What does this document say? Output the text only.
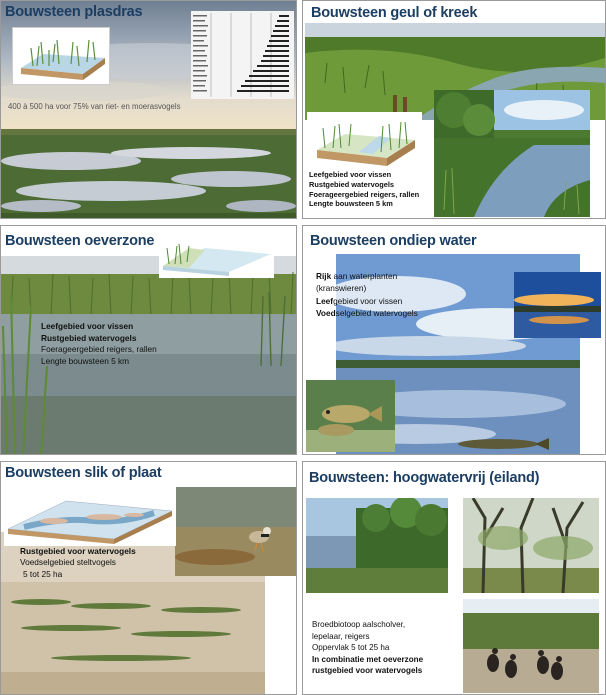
Bouwsteen plasdras
400 à 500 ha voor 75% van riet- en moerasvogels
Bouwsteen geul of kreek
Leefgebied voor vissen
Rustgebied watervogels
Foerageergebied reigers, rallen
Lengte bouwsteen 5 km
Bouwsteen oeverzone
Leefgebied voor vissen
Rustgebied watervogels
Foerageergebied reigers, rallen
Lengte bouwsteen 5 km
Bouwsteen ondiep water
Rijk aan waterplanten
(kranswieren)
Leefgebied voor vissen
Voedselgebied watervogels
Bouwsteen slik of plaat
Rustgebied voor watervogels
Voedselgebied steltvogels
5 tot 25 ha
Bouwsteen: hoogwatervrij (eiland)
Broedbiotoop aalscholver,
lepelaar, reigers
Oppervlak 5 tot 25 ha
In combinatie met oeverzone
rustgebied voor watervogels
